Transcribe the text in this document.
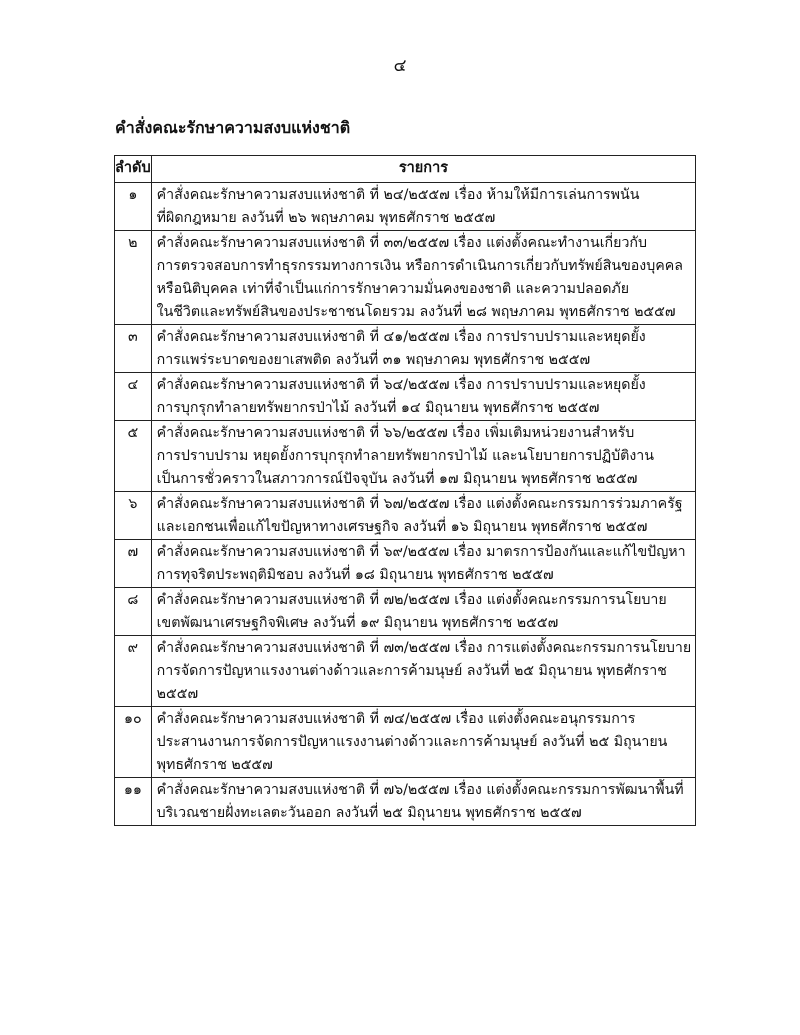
๔
คำสั่งคณะรักษาความสงบแห่งชาติ
ลำดับ	รายการ
๑	คำสั่งคณะรักษาความสงบแห่งชาติ ที่ ๒๔/๒๕๕๗ เรื่อง ห้ามให้มีการเล่นการพนัน
ที่ผิดกฎหมาย ลงวันที่ ๒๖ พฤษภาคม พุทธศักราช ๒๕๕๗

๒	คำสั่งคณะรักษาความสงบแห่งชาติ ที่ ๓๓/๒๕๕๗ เรื่อง แต่งตั้งคณะทำงานเกี่ยวกับ
การตรวจสอบการทำธุรกรรมทางการเงิน หรือการดำเนินการเกี่ยวกับทรัพย์สินของบุคคล
หรือนิติบุคคล เท่าที่จำเป็นแก่การรักษาความมั่นคงของชาติ และความปลอดภัย
ในชีวิตและทรัพย์สินของประชาชนโดยรวม ลงวันที่ ๒๘ พฤษภาคม พุทธศักราช ๒๕๕๗

๓	คำสั่งคณะรักษาความสงบแห่งชาติ ที่ ๔๑/๒๕๕๗ เรื่อง การปราบปรามและหยุดยั้ง
การแพร่ระบาดของยาเสพติด ลงวันที่ ๓๑ พฤษภาคม พุทธศักราช ๒๕๕๗

๔	คำสั่งคณะรักษาความสงบแห่งชาติ ที่ ๖๔/๒๕๕๗ เรื่อง การปราบปรามและหยุดยั้ง
การบุกรุกทำลายทรัพยากรป่าไม้ ลงวันที่ ๑๔ มิถุนายน พุทธศักราช ๒๕๕๗

๕	คำสั่งคณะรักษาความสงบแห่งชาติ ที่ ๖๖/๒๕๕๗ เรื่อง เพิ่มเติมหน่วยงานสำหรับ
การปราบปราม หยุดยั้งการบุกรุกทำลายทรัพยากรป่าไม้ และนโยบายการปฏิบัติงาน
เป็นการชั่วคราวในสภาวการณ์ปัจจุบัน ลงวันที่ ๑๗ มิถุนายน พุทธศักราช ๒๕๕๗

๖	คำสั่งคณะรักษาความสงบแห่งชาติ ที่ ๖๗/๒๕๕๗ เรื่อง แต่งตั้งคณะกรรมการร่วมภาครัฐ
และเอกชนเพื่อแก้ไขปัญหาทางเศรษฐกิจ ลงวันที่ ๑๖ มิถุนายน พุทธศักราช ๒๕๕๗

๗	คำสั่งคณะรักษาความสงบแห่งชาติ ที่ ๖๙/๒๕๕๗ เรื่อง มาตรการป้องกันและแก้ไขปัญหา
การทุจริตประพฤติมิชอบ ลงวันที่ ๑๘ มิถุนายน พุทธศักราช ๒๕๕๗

๘	คำสั่งคณะรักษาความสงบแห่งชาติ ที่ ๗๒/๒๕๕๗ เรื่อง แต่งตั้งคณะกรรมการนโยบาย
เขตพัฒนาเศรษฐกิจพิเศษ ลงวันที่ ๑๙ มิถุนายน พุทธศักราช ๒๕๕๗

๙	คำสั่งคณะรักษาความสงบแห่งชาติ ที่ ๗๓/๒๕๕๗ เรื่อง การแต่งตั้งคณะกรรมการนโยบาย
การจัดการปัญหาแรงงานต่างด้าวและการค้ามนุษย์ ลงวันที่ ๒๕ มิถุนายน พุทธศักราช
๒๕๕๗

๑๐	คำสั่งคณะรักษาความสงบแห่งชาติ ที่ ๗๔/๒๕๕๗ เรื่อง แต่งตั้งคณะอนุกรรมการ
ประสานงานการจัดการปัญหาแรงงานต่างด้าวและการค้ามนุษย์ ลงวันที่ ๒๕ มิถุนายน
พุทธศักราช ๒๕๕๗

๑๑	คำสั่งคณะรักษาความสงบแห่งชาติ ที่ ๗๖/๒๕๕๗ เรื่อง แต่งตั้งคณะกรรมการพัฒนาพื้นที่
บริเวณชายฝั่งทะเลตะวันออก ลงวันที่ ๒๕ มิถุนายน พุทธศักราช ๒๕๕๗
